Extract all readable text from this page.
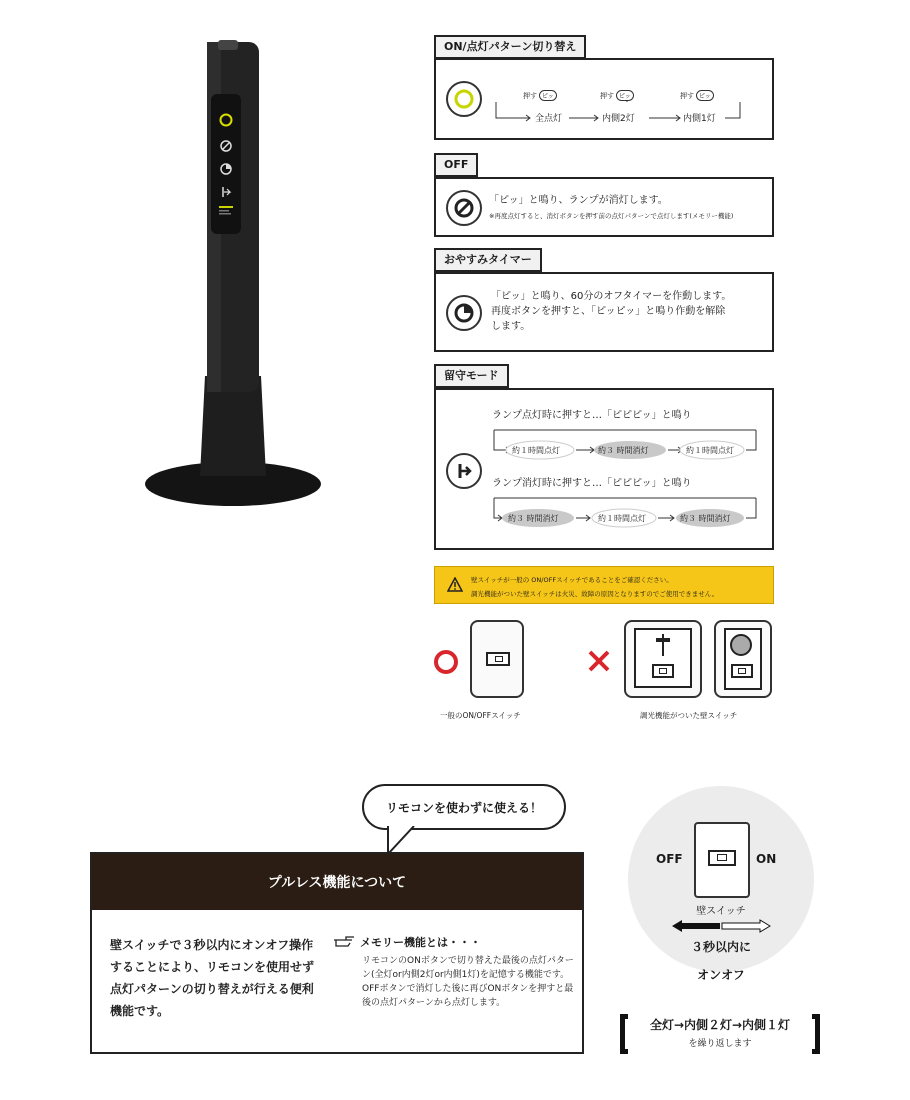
ON/点灯パターン切り替え
押す ピッ	押す ピッ	押す ピッ
全点灯	内側2灯	内側1灯
OFF
「ピッ」と鳴り、ランプが消灯します。
※再度点灯すると、消灯ボタンを押す前の点灯パターンで点灯します(メモリー機能)
おやすみタイマー
「ピッ」と鳴り、60分のオフタイマーを作動します。
再度ボタンを押すと、「ピッピッ」と鳴り作動を解除
します。
留守モード
ランプ点灯時に押すと…「ピピピッ」と鳴り
約１時間点灯	約３ 時間消灯	約１時間点灯
ランプ消灯時に押すと…「ピピピッ」と鳴り
約３ 時間消灯	約１時間点灯	約３ 時間消灯
壁スイッチが一般の ON/OFFスイッチであることをご確認ください。
調光機能がついた壁スイッチは火災、故障の原因となりますのでご使用できません。
一般のON/OFFスイッチ	調光機能がついた壁スイッチ
リモコンを使わずに使える！
プルレス機能について
壁スイッチで３秒以内にオンオフ操作することにより、リモコンを使用せず点灯パターンの切り替えが行える便利機能です。
メモリー機能とは・・・
リモコンのONボタンで切り替えた最後の点灯パターン(全灯or内側2灯or内側1灯)を記憶する機能です。OFFボタンで消灯した後に再びONボタンを押すと最後の点灯パターンから点灯します。
OFF	ON
壁スイッチ
３秒以内に
オンオフ
全灯→内側２灯→内側１灯
を繰り返します
